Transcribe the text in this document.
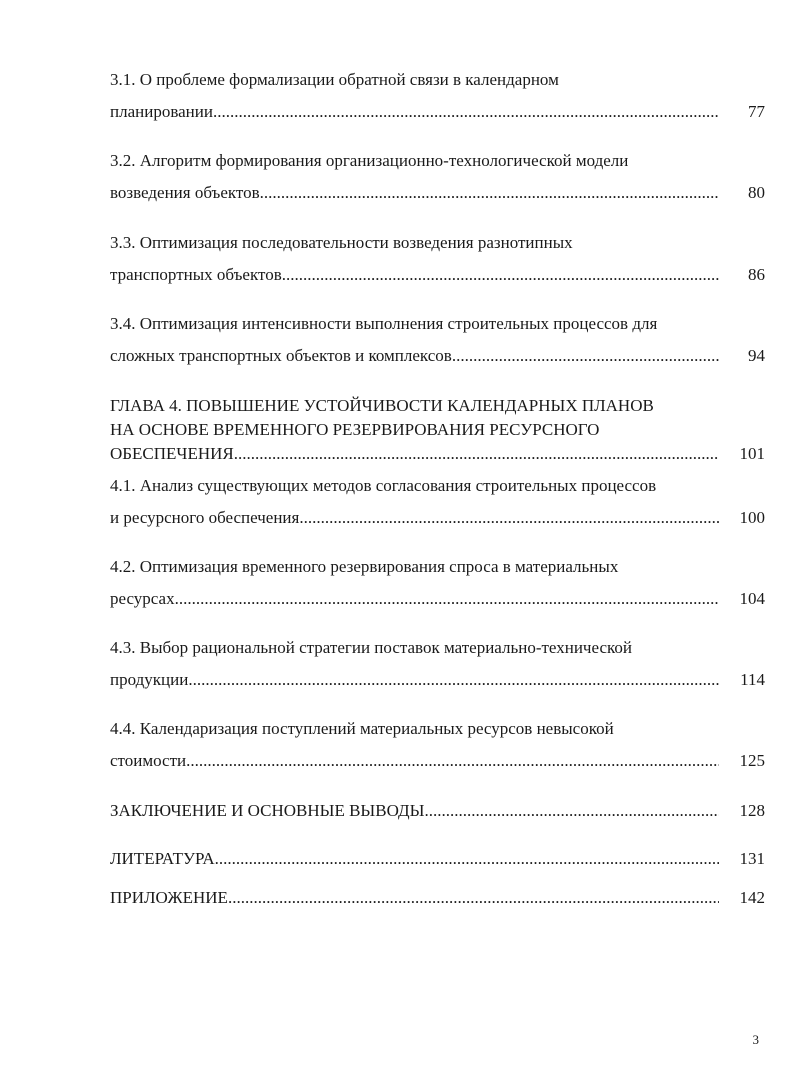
3.1. О проблеме формализации обратной связи в календарном
планировании .....	77
3.2. Алгоритм формирования организационно-технологической модели
возведения объектов .....	80
3.3. Оптимизация последовательности возведения разнотипных
транспортных объектов .....	86
3.4. Оптимизация интенсивности выполнения строительных процессов для
сложных транспортных объектов и комплексов .....	94
ГЛАВА 4. ПОВЫШЕНИЕ УСТОЙЧИВОСТИ КАЛЕНДАРНЫХ ПЛАНОВ
НА ОСНОВЕ ВРЕМЕННОГО РЕЗЕРВИРОВАНИЯ РЕСУРСНОГО
ОБЕСПЕЧЕНИЯ .....	101
4.1. Анализ существующих методов согласования строительных процессов
и ресурсного обеспечения .....	100
4.2. Оптимизация временного резервирования спроса в материальных
ресурсах .....	104
4.3. Выбор рациональной стратегии поставок материально-технической
продукции .....	114
4.4. Календаризация поступлений материальных ресурсов невысокой
стоимости .....	125
ЗАКЛЮЧЕНИЕ И ОСНОВНЫЕ ВЫВОДЫ .....	128
ЛИТЕРАТУРА .....	131
ПРИЛОЖЕНИЕ .....	142
3
